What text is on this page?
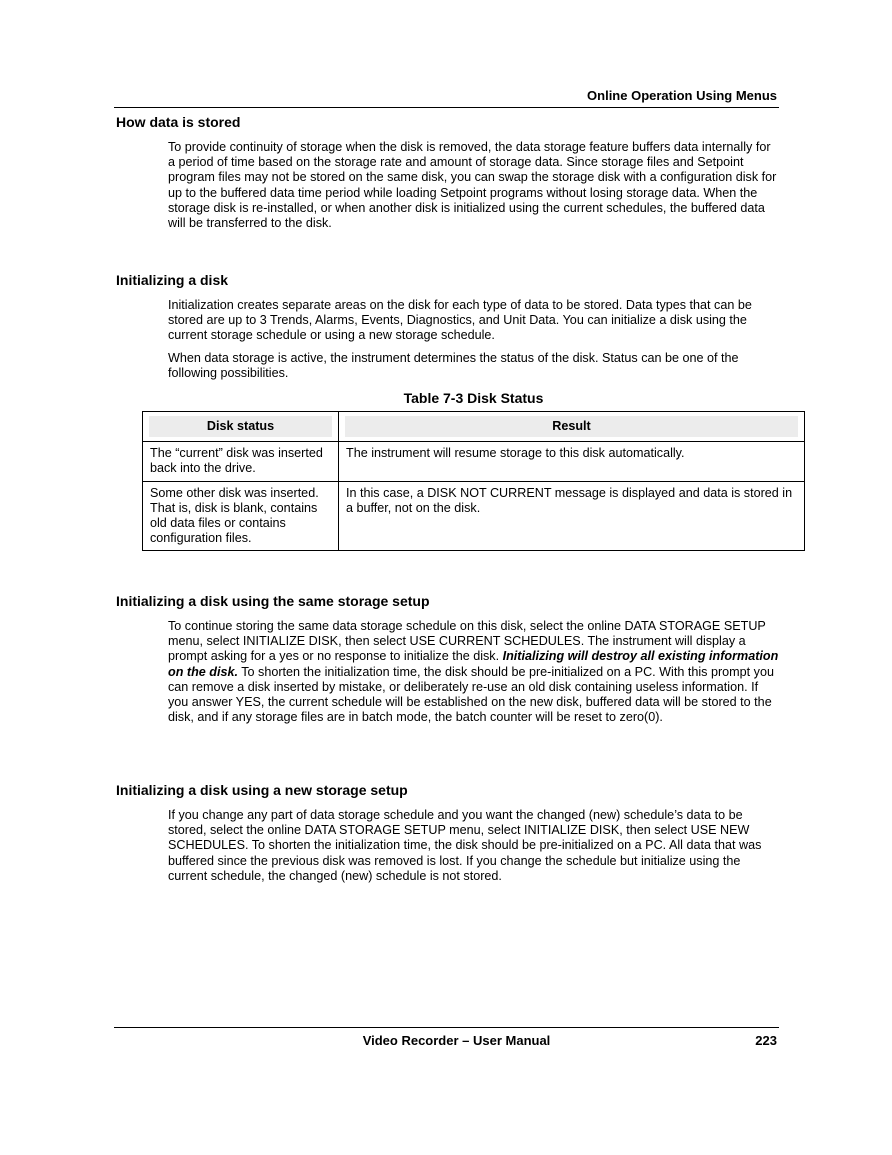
Online Operation Using Menus
How data is stored

To provide continuity of storage when the disk is removed, the data storage feature buffers data internally for a period of time based on the storage rate and amount of storage data. Since storage files and Setpoint program files may not be stored on the same disk, you can swap the storage disk with a configuration disk for up to the buffered data time period while loading Setpoint programs without losing storage data. When the storage disk is re-installed, or when another disk is initialized using the current schedules, the buffered data will be transferred to the disk.

Initializing a disk

Initialization creates separate areas on the disk for each type of data to be stored. Data types that can be stored are up to 3 Trends, Alarms, Events, Diagnostics, and Unit Data. You can initialize a disk using the current storage schedule or using a new storage schedule.

When data storage is active, the instrument determines the status of the disk. Status can be one of the following possibilities.

Table 7-3 Disk Status
Disk status	Result

The “current” disk was inserted back into the drive.	The instrument will resume storage to this disk automatically.
Some other disk was inserted. That is, disk is blank, contains old data files or contains configuration files.	In this case, a DISK NOT CURRENT message is displayed and data is stored in a buffer, not on the disk.
Initializing a disk using the same storage setup

To continue storing the same data storage schedule on this disk, select the online DATA STORAGE SETUP menu, select INITIALIZE DISK, then select USE CURRENT SCHEDULES. The instrument will display a prompt asking for a yes or no response to initialize the disk. Initializing will destroy all existing information on the disk. To shorten the initialization time, the disk should be pre-initialized on a PC. With this prompt you can remove a disk inserted by mistake, or deliberately re-use an old disk containing useless information. If you answer YES, the current schedule will be established on the new disk, buffered data will be stored to the disk, and if any storage files are in batch mode, the batch counter will be reset to zero(0).

Initializing a disk using a new storage setup

If you change any part of data storage schedule and you want the changed (new) schedule’s data to be stored, select the online DATA STORAGE SETUP menu, select INITIALIZE DISK, then select USE NEW SCHEDULES. To shorten the initialization time, the disk should be pre-initialized on a PC. All data that was buffered since the previous disk was removed is lost. If you change the schedule but initialize using the current schedule, the changed (new) schedule is not stored.

Video Recorder – User Manual	223
